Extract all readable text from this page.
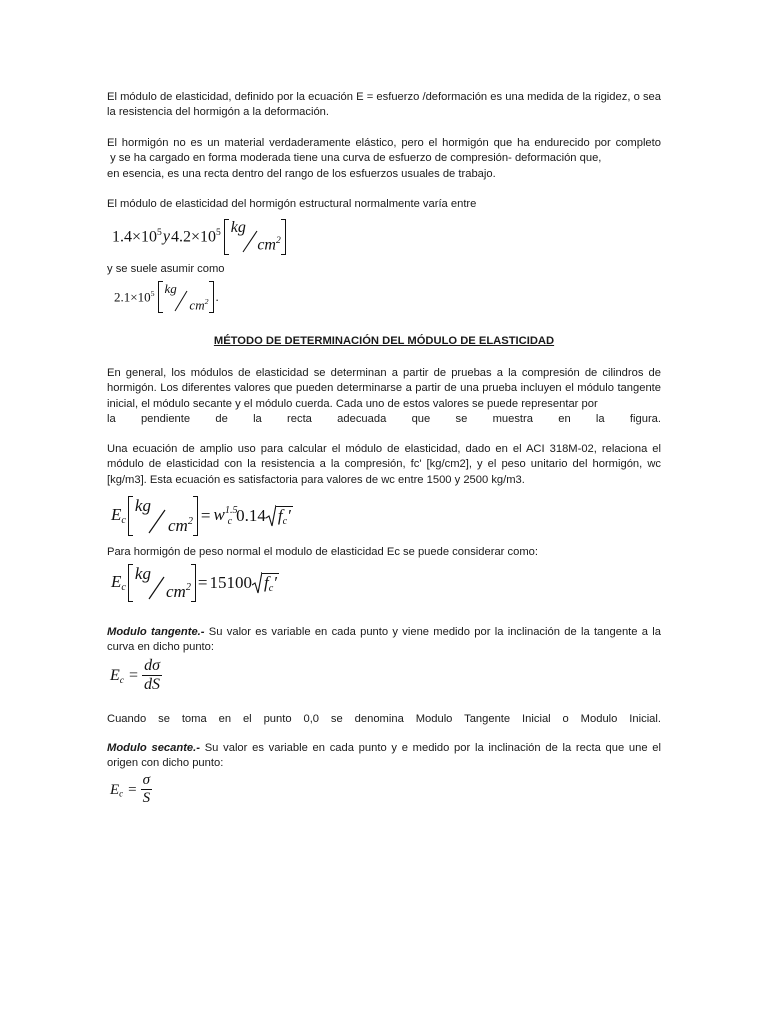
El módulo de elasticidad, definido por la ecuación E = esfuerzo /deformación es una medida de la rigidez, o sea la resistencia del hormigón a la deformación.

El hormigón no es un material verdaderamente elástico, pero el hormigón que ha endurecido por completo
y se ha cargado en forma moderada tiene una curva de esfuerzo de compresión- deformación que,
en esencia, es una recta dentro del rango de los esfuerzos usuales de trabajo.

El módulo de elasticidad del hormigón estructural normalmente varía entre

$1.4\times 10^5$ y $4.2\times 10^5$ kg
$cm^2$

y se suele asumir como

$2.1\times 10^5$ kg
$cm^2$ .

MÉTODO DE DETERMINACIÓN DEL MÓDULO DE ELASTICIDAD

En general, los módulos de elasticidad se determinan a partir de pruebas a la compresión de cilindros de hormigón. Los diferentes valores que pueden determinarse a partir de una prueba incluyen el módulo tangente inicial, el módulo secante y el módulo cuerda. Cada uno de estos valores se puede representar por
la pendiente de la recta adecuada que se muestra en la figura.

Una ecuación de amplio uso para calcular el módulo de elasticidad, dado en el ACI 318M-02, relaciona el módulo de elasticidad con la resistencia a la compresión, fc' [kg/cm2], y el peso unitario del hormigón, wc [kg/m3]. Esta ecuación es satisfactoria para valores de wc entre 1500 y 2500 kg/m3.

$E_c$
kg
$cm^2 = w^{1.5}_c$ 0.14 $f_c'$

Para hormigón de peso normal el modulo de elasticidad Ec se puede considerar como:

$E_c$
kg
$cm^2 = 15100$ $f_c'$

Modulo tangente.- Su valor es variable en cada punto y viene medido por la inclinación de la tangente a la curva en dicho punto:

$E_c = \frac{d\sigma}{dS}$

Cuando se toma en el punto 0,0 se denomina Modulo Tangente Inicial o Modulo Inicial.

Modulo secante.- Su valor es variable en cada punto y e medido por la inclinación de la recta que une el origen con dicho punto:

$E_c = \frac{\sigma}{S}$
